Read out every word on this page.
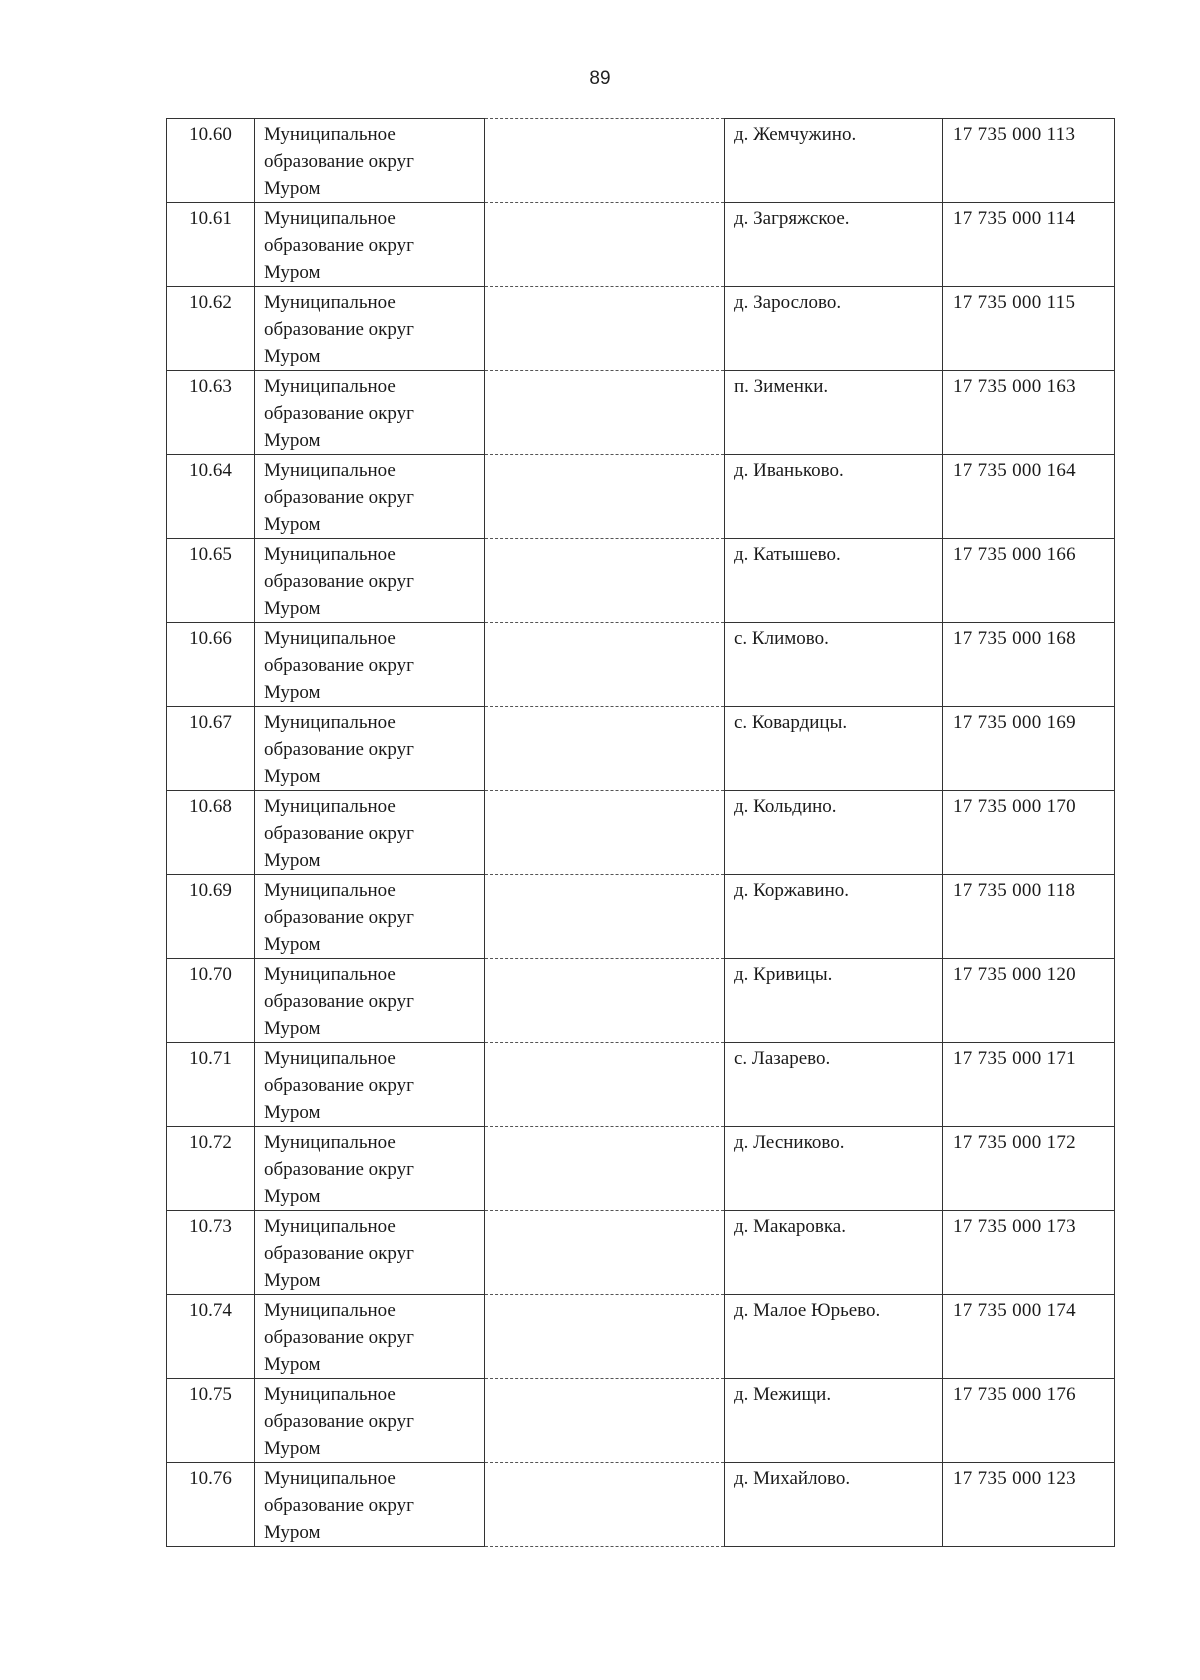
89
10.60	Муниципальное
образование округ
Муром		д. Жемчужино.	17 735 000 113
10.61	Муниципальное
образование округ
Муром		д. Загряжское.	17 735 000 114
10.62	Муниципальное
образование округ
Муром		д. Зарослово.	17 735 000 115
10.63	Муниципальное
образование округ
Муром		п. Зименки.	17 735 000 163
10.64	Муниципальное
образование округ
Муром		д. Иваньково.	17 735 000 164
10.65	Муниципальное
образование округ
Муром		д. Катышево.	17 735 000 166
10.66	Муниципальное
образование округ
Муром		с. Климово.	17 735 000 168
10.67	Муниципальное
образование округ
Муром		с. Ковардицы.	17 735 000 169
10.68	Муниципальное
образование округ
Муром		д. Кольдино.	17 735 000 170
10.69	Муниципальное
образование округ
Муром		д. Коржавино.	17 735 000 118
10.70	Муниципальное
образование округ
Муром		д. Кривицы.	17 735 000 120
10.71	Муниципальное
образование округ
Муром		с. Лазарево.	17 735 000 171
10.72	Муниципальное
образование округ
Муром		д. Лесниково.	17 735 000 172
10.73	Муниципальное
образование округ
Муром		д. Макаровка.	17 735 000 173
10.74	Муниципальное
образование округ
Муром		д. Малое Юрьево.	17 735 000 174
10.75	Муниципальное
образование округ
Муром		д. Межищи.	17 735 000 176
10.76	Муниципальное
образование округ
Муром		д. Михайлово.	17 735 000 123
